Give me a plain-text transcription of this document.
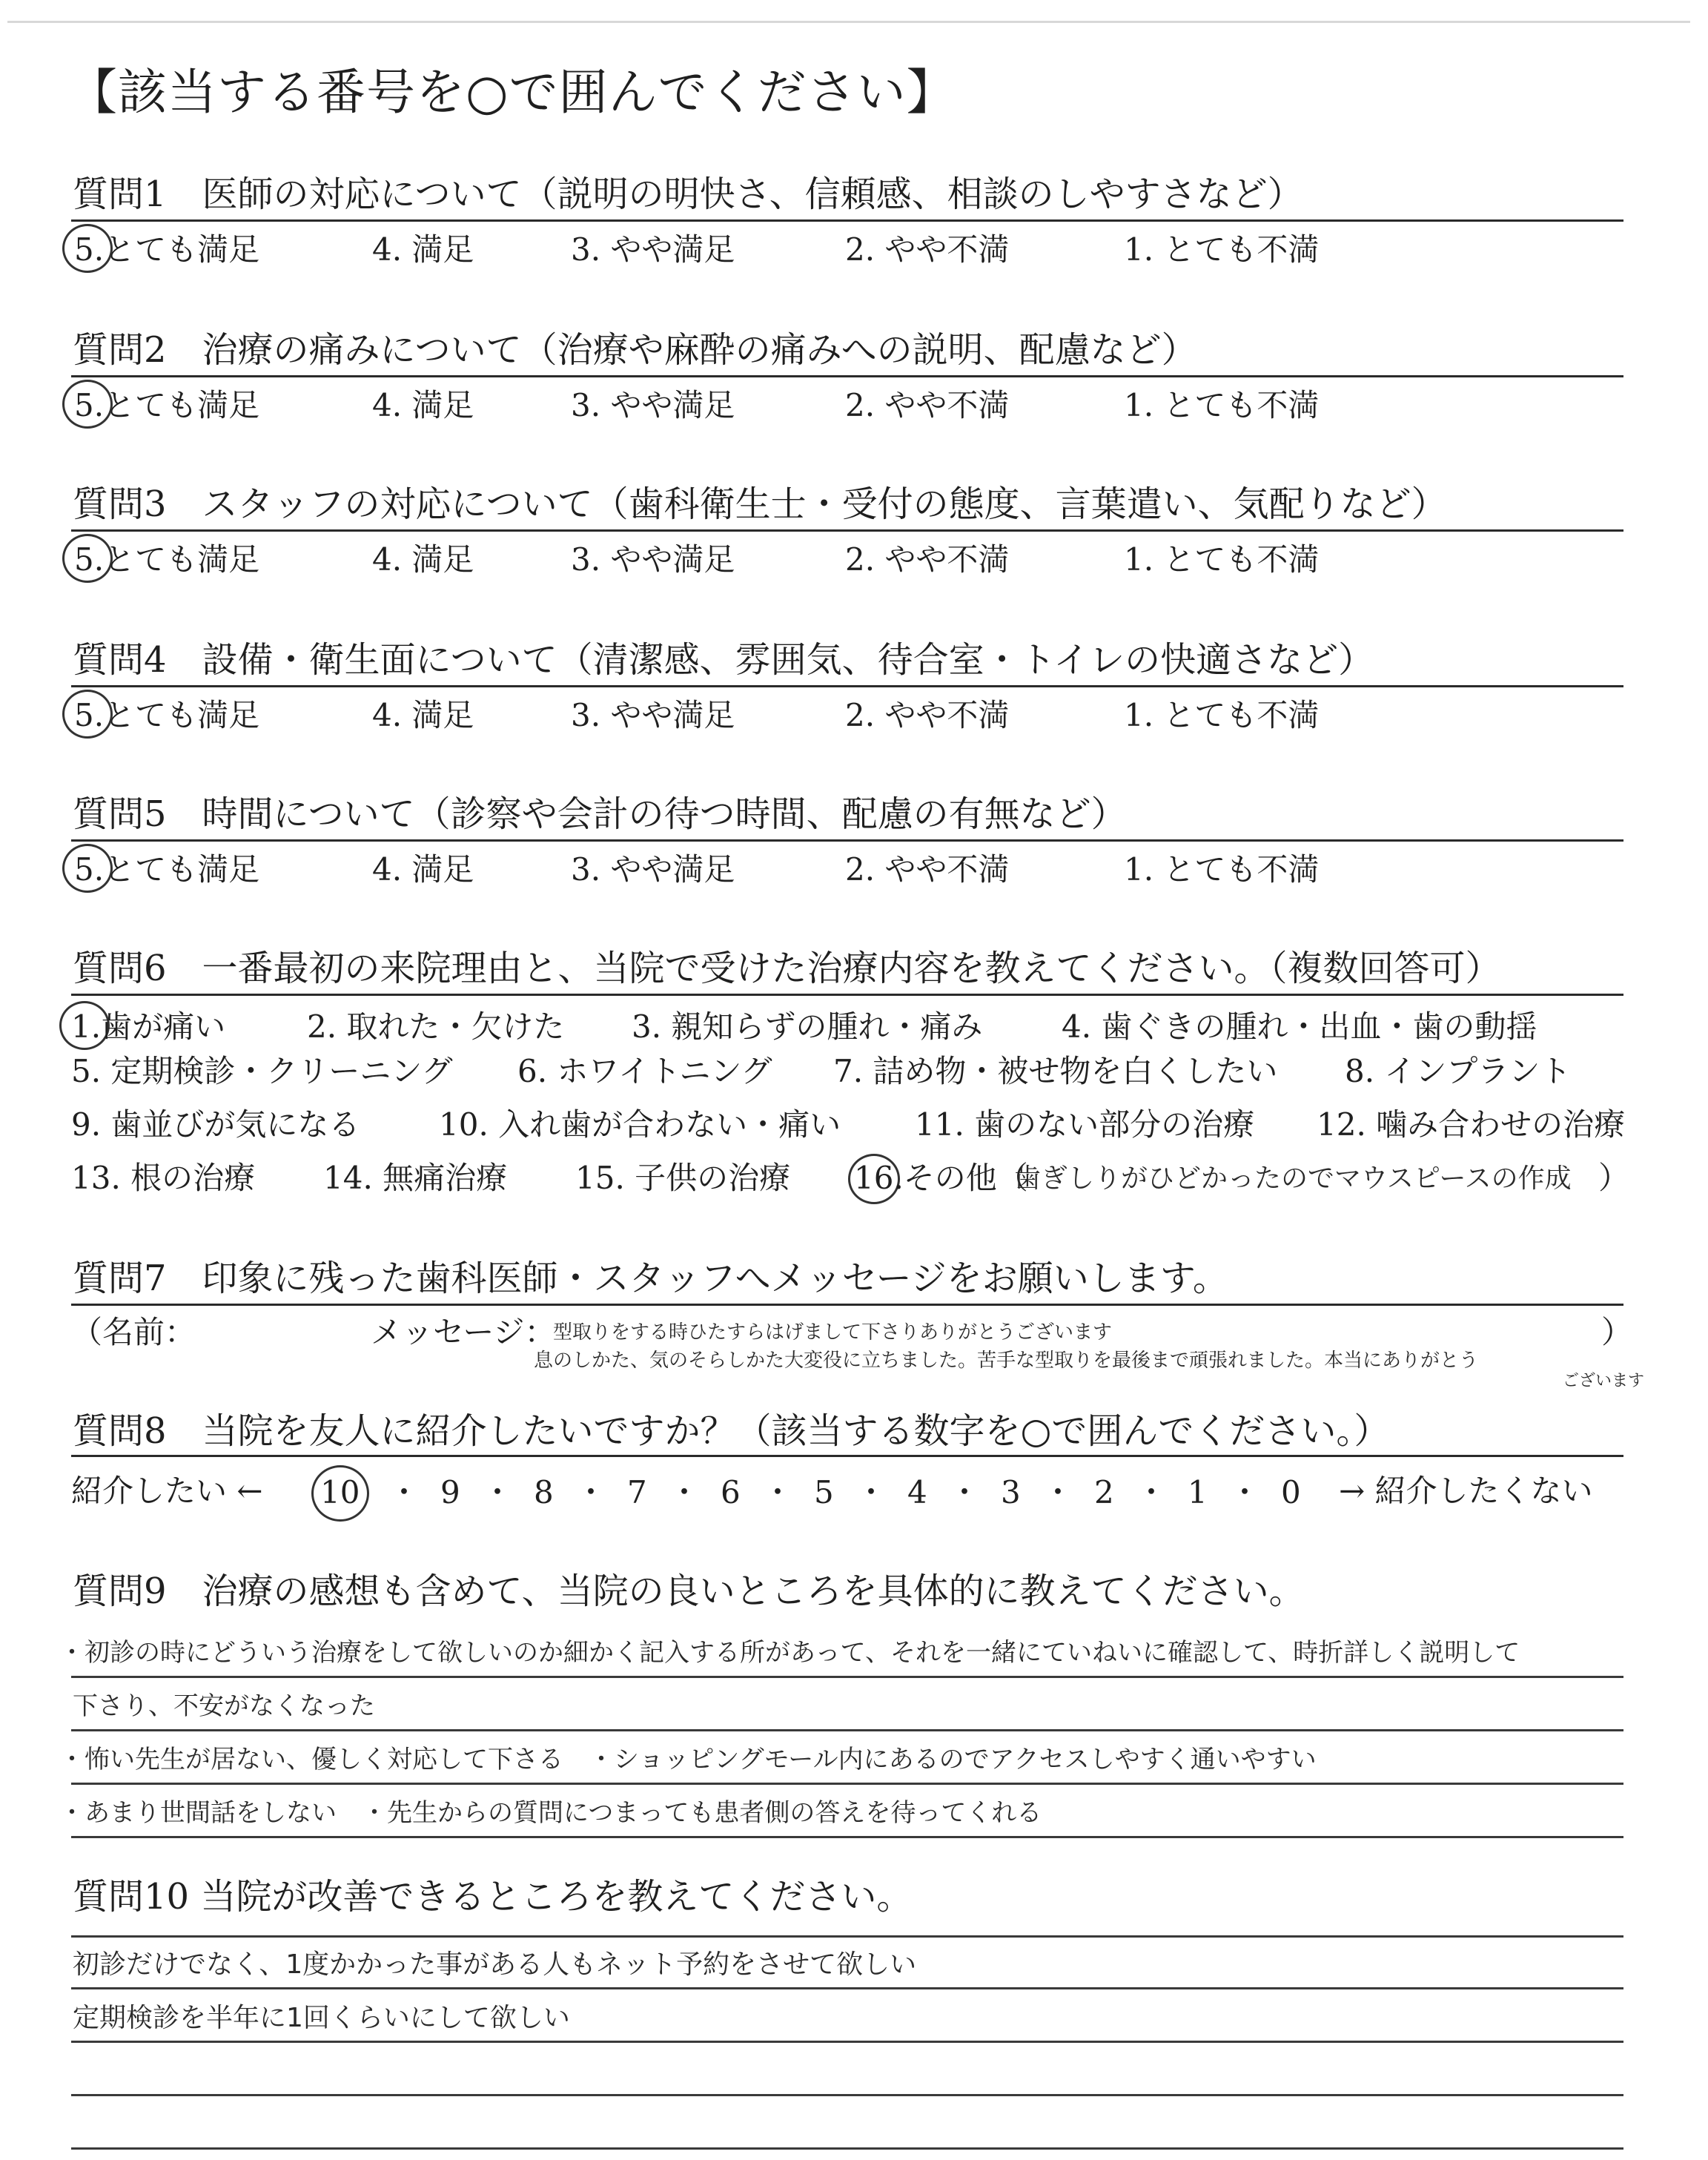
【該当する番号を○で囲んでください】
質問1　医師の対応について（説明の明快さ、信頼感、相談のしやすさなど）
5.とても満足	4. 満足	3. やや満足	2. やや不満	1. とても不満
質問2　治療の痛みについて（治療や麻酔の痛みへの説明、配慮など）
5.とても満足	4. 満足	3. やや満足	2. やや不満	1. とても不満
質問3　スタッフの対応について（歯科衛生士・受付の態度、言葉遣い、気配りなど）
5.とても満足	4. 満足	3. やや満足	2. やや不満	1. とても不満
質問4　設備・衛生面について（清潔感、雰囲気、待合室・トイレの快適さなど）
5.とても満足	4. 満足	3. やや満足	2. やや不満	1. とても不満
質問5　時間について（診察や会計の待つ時間、配慮の有無など）
5.とても満足	4. 満足	3. やや満足	2. やや不満	1. とても不満
質問6　一番最初の来院理由と、当院で受けた治療内容を教えてください。（複数回答可）
1.歯が痛い	2. 取れた・欠けた 3. 親知らずの腫れ・痛み	4. 歯ぐきの腫れ・出血・歯の動揺
5. 定期検診・クリーニング 6. ホワイトニング 7. 詰め物・被せ物を白くしたい 8. インプラント
9. 歯並びが気になる	10. 入れ歯が合わない・痛い 11. 歯のない部分の治療 12. 噛み合わせの治療
13. 根の治療 14. 無痛治療 15. 子供の治療 16.その他（
歯ぎしりがひどかったのでマウスピースの作成 ）
質問7　印象に残った歯科医師・スタッフへメッセージをお願いします。
（名前：	メッセージ：
型取りをする時ひたすらはげまして下さりありがとうございます	）
息のしかた、気のそらしかた大変役に立ちました。苦手な型取りを最後まで頑張れました。本当にありがとう
ございます
質問8　当院を友人に紹介したいですか？（該当する数字を○で囲んでください。）
紹介したい ← 10 ・ 9 ・ 8 ・ 7 ・ 6 ・ 5 ・ 4 ・ 3 ・ 2 ・ 1 ・ 0 → 紹介したくない
質問9　治療の感想も含めて、当院の良いところを具体的に教えてください。
・初診の時にどういう治療をして欲しいのか細かく記入する所があって、それを一緒にていねいに確認して、時折詳しく説明して
下さり、不安がなくなった
・怖い先生が居ない、優しく対応して下さる　・ショッピングモール内にあるのでアクセスしやすく通いやすい
・あまり世間話をしない　・先生からの質問につまっても患者側の答えを待ってくれる
質問10 当院が改善できるところを教えてください。
初診だけでなく、1度かかった事がある人もネット予約をさせて欲しい
定期検診を半年に1回くらいにして欲しい
